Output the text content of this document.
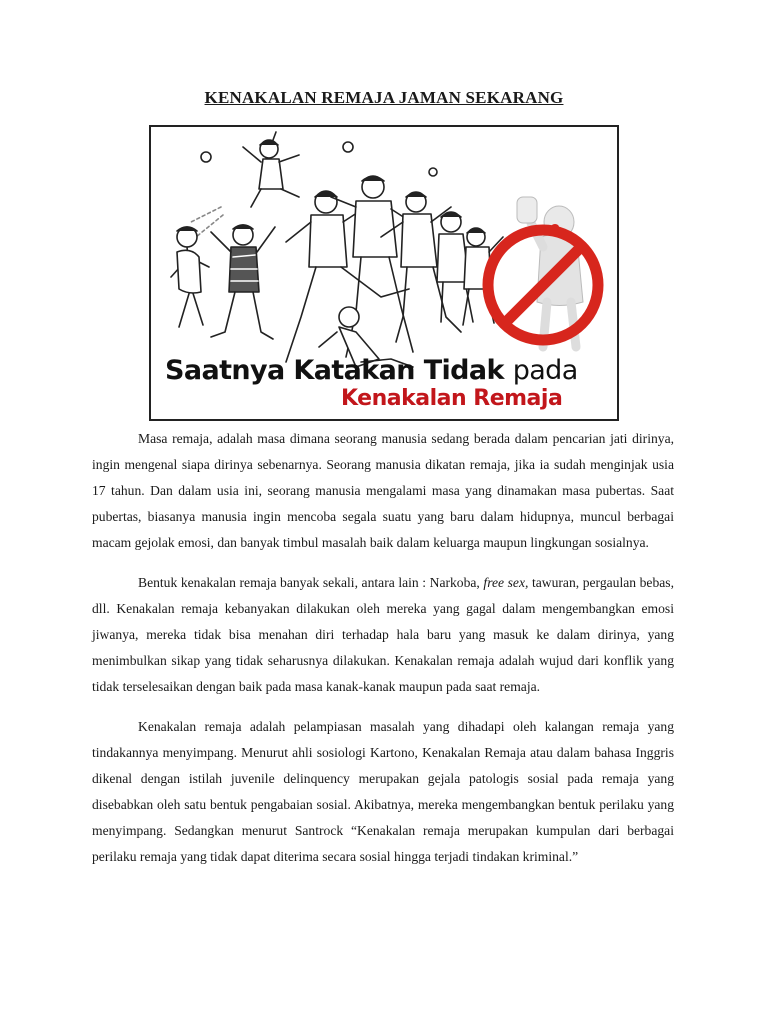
KENAKALAN REMAJA JAMAN SEKARANG
Saatnya Katakan Tidak pada
Kenakalan Remaja

Masa remaja, adalah masa dimana seorang manusia sedang berada dalam pencarian jati dirinya, ingin mengenal siapa dirinya sebenarnya. Seorang manusia dikatan remaja, jika ia sudah menginjak usia 17 tahun. Dan dalam usia ini, seorang manusia mengalami masa yang dinamakan masa pubertas. Saat pubertas, biasanya manusia ingin mencoba segala suatu yang baru dalam hidupnya, muncul berbagai macam gejolak emosi, dan banyak timbul masalah baik dalam keluarga maupun lingkungan sosialnya.

Bentuk kenakalan remaja banyak sekali, antara lain : Narkoba, free sex, tawuran, pergaulan bebas, dll. Kenakalan remaja kebanyakan dilakukan oleh mereka yang gagal dalam mengembangkan emosi jiwanya, mereka tidak bisa menahan diri terhadap hala baru yang masuk ke dalam dirinya, yang menimbulkan sikap yang tidak seharusnya dilakukan. Kenakalan remaja adalah wujud dari konflik yang tidak terselesaikan dengan baik pada masa kanak-kanak maupun pada saat remaja.

Kenakalan remaja adalah pelampiasan masalah yang dihadapi oleh kalangan remaja yang tindakannya menyimpang. Menurut ahli sosiologi Kartono, Kenakalan Remaja atau dalam bahasa Inggris dikenal dengan istilah juvenile delinquency merupakan gejala patologis sosial pada remaja yang disebabkan oleh satu bentuk pengabaian sosial. Akibatnya, mereka mengembangkan bentuk perilaku yang menyimpang. Sedangkan menurut Santrock “Kenakalan remaja merupakan kumpulan dari berbagai perilaku remaja yang tidak dapat diterima secara sosial hingga terjadi tindakan kriminal.”
